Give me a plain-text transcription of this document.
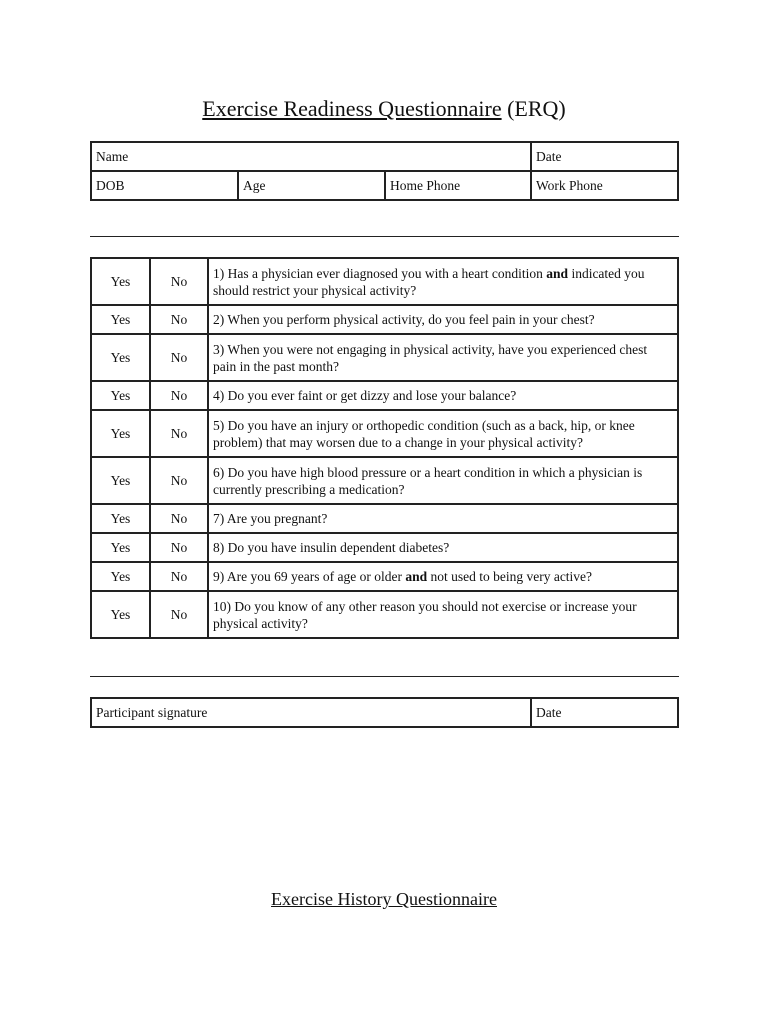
Exercise Readiness Questionnaire (ERQ)
Name			Date
DOB	Age	Home Phone	Work Phone
Yes	No	1) Has a physician ever diagnosed you with a heart condition and indicated you should restrict your physical activity?
Yes	No	2) When you perform physical activity, do you feel pain in your chest?
Yes	No	3) When you were not engaging in physical activity, have you experienced chest pain in the past month?
Yes	No	4) Do you ever faint or get dizzy and lose your balance?
Yes	No	5) Do you have an injury or orthopedic condition (such as a back, hip, or knee problem) that may worsen due to a change in your physical activity?
Yes	No	6) Do you have high blood pressure or a heart condition in which a physician is currently prescribing a medication?
Yes	No	7) Are you pregnant?
Yes	No	8) Do you have insulin dependent diabetes?
Yes	No	9) Are you 69 years of age or older and not used to being very active?
Yes	No	10) Do you know of any other reason you should not exercise or increase your physical activity?
Participant signature	Date
Exercise History Questionnaire
